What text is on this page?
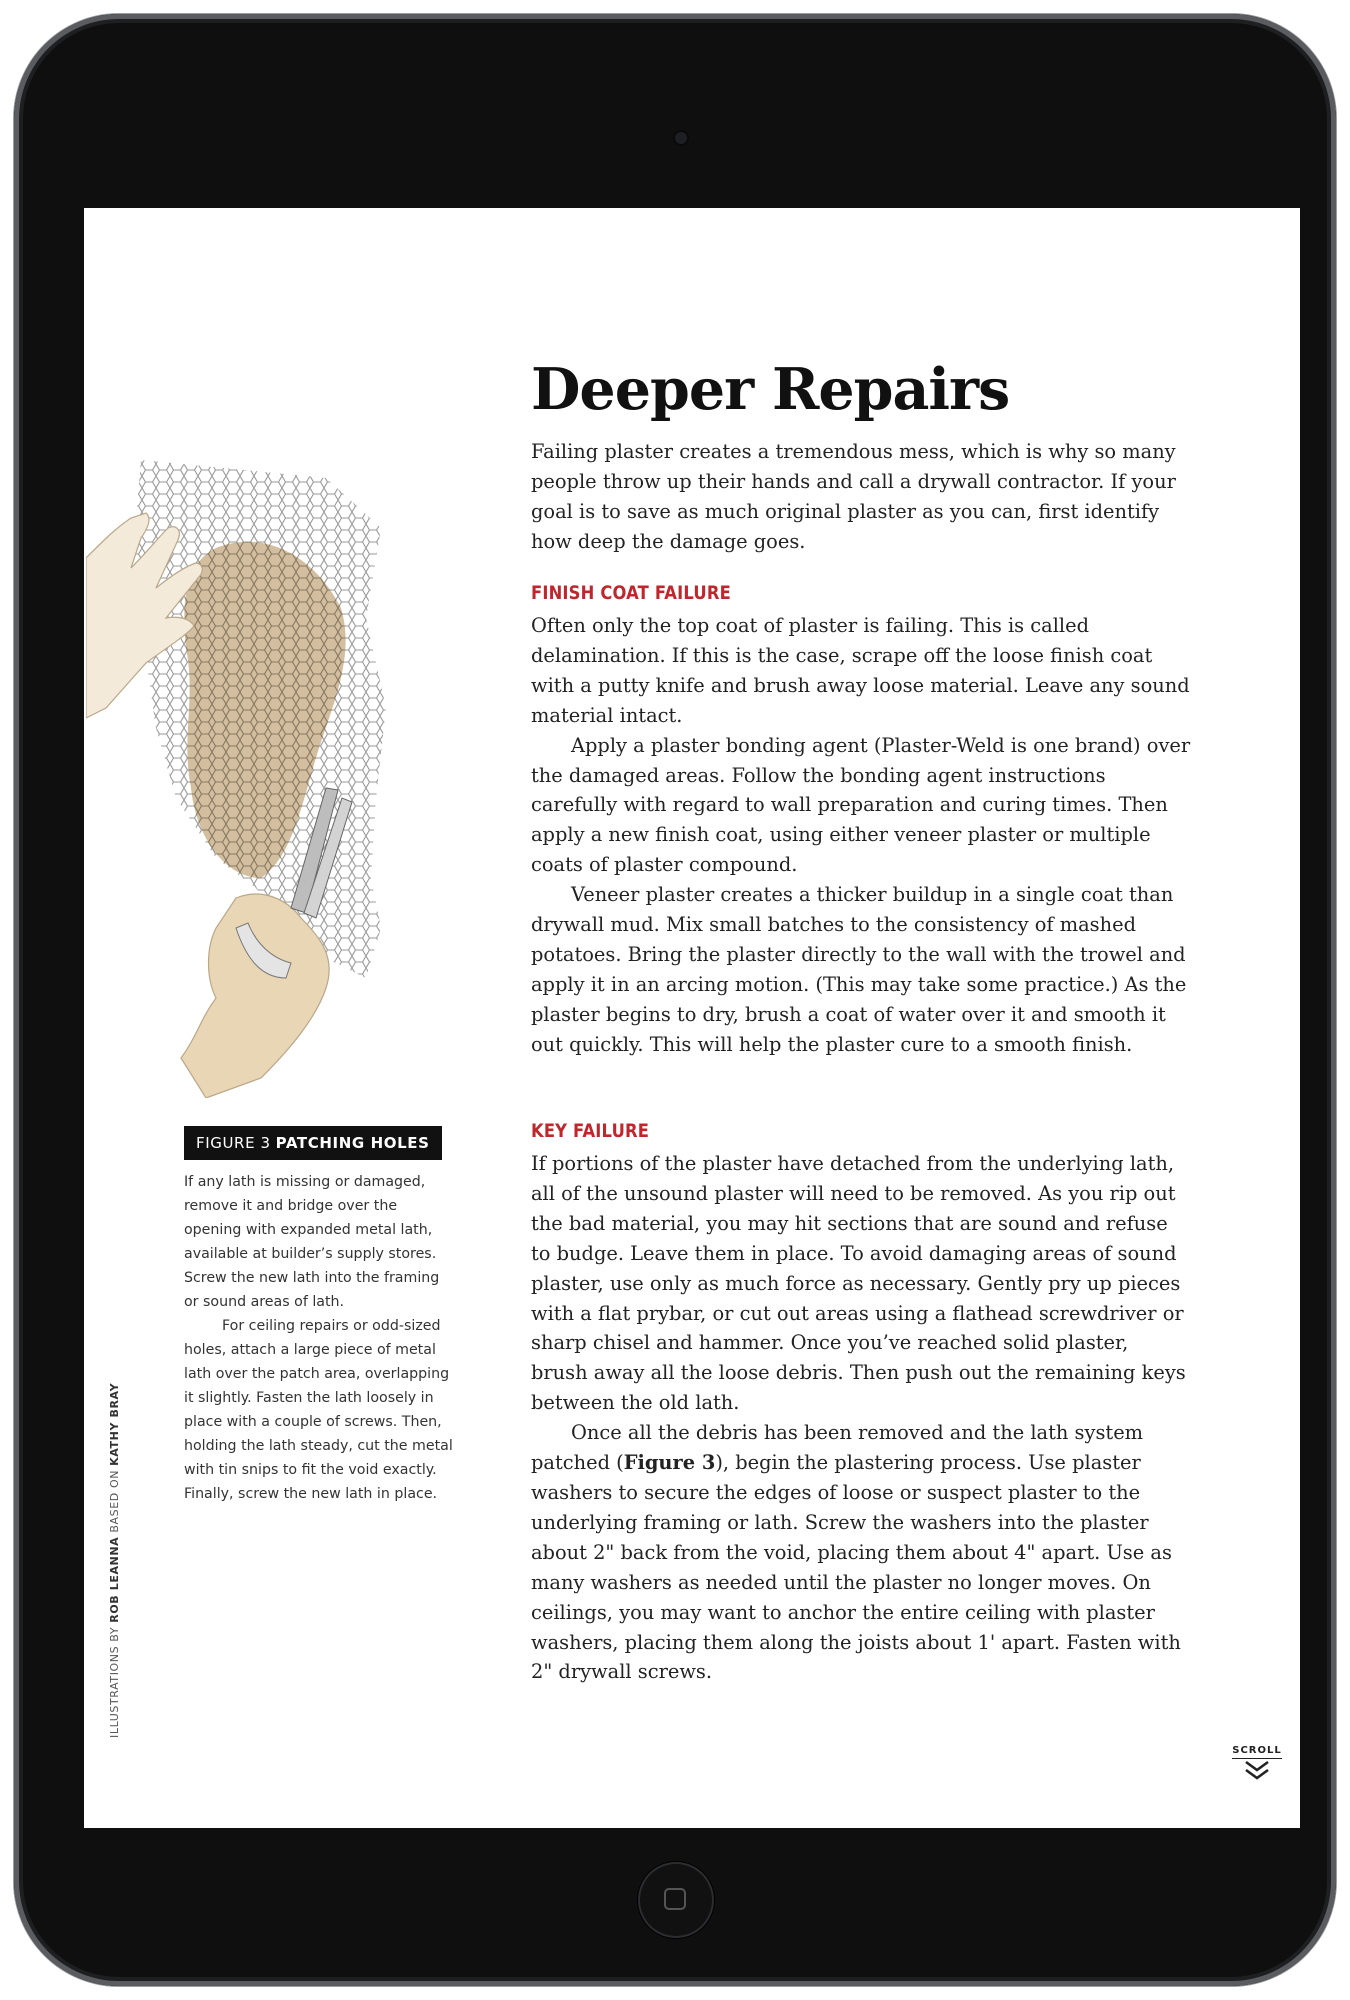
FIGURE 3 PATCHING HOLES

If any lath is missing or damaged, remove it and bridge over the opening with expanded metal lath, available at builder’s supply stores. Screw the new lath into the framing or sound areas of lath.

For ceiling repairs or odd-sized holes, attach a large piece of metal lath over the patch area, overlapping it slightly. Fasten the lath loosely in place with a couple of screws. Then, holding the lath steady, cut the metal with tin snips to fit the void exactly. Finally, screw the new lath in place.

ILLUSTRATIONS BY ROB LEANNA BASED ON KATHY BRAY
Deeper Repairs

Failing plaster creates a tremendous mess, which is why so many people throw up their hands and call a drywall contractor. If your goal is to save as much original plaster as you can, first identify how deep the damage goes.

FINISH COAT FAILURE

Often only the top coat of plaster is failing. This is called delamination. If this is the case, scrape off the loose finish coat with a putty knife and brush away loose material. Leave any sound material intact.

Apply a plaster bonding agent (Plaster-Weld is one brand) over the damaged areas. Follow the bonding agent instructions carefully with regard to wall preparation and curing times. Then apply a new finish coat, using either veneer plaster or multiple coats of plaster compound.

Veneer plaster creates a thicker buildup in a single coat than drywall mud. Mix small batches to the consistency of mashed potatoes. Bring the plaster directly to the wall with the trowel and apply it in an arcing motion. (This may take some practice.) As the plaster begins to dry, brush a coat of water over it and smooth it out quickly. This will help the plaster cure to a smooth finish.

KEY FAILURE

If portions of the plaster have detached from the underlying lath, all of the unsound plaster will need to be removed. As you rip out the bad material, you may hit sections that are sound and refuse to budge. Leave them in place. To avoid damaging areas of sound plaster, use only as much force as necessary. Gently pry up pieces with a flat prybar, or cut out areas using a flathead screwdriver or sharp chisel and hammer. Once you’ve reached solid plaster, brush away all the loose debris. Then push out the remaining keys between the old lath.

Once all the debris has been removed and the lath system patched (Figure 3), begin the plastering process. Use plaster washers to secure the edges of loose or suspect plaster to the underlying framing or lath. Screw the washers into the plaster about 2" back from the void, placing them about 4" apart. Use as many washers as needed until the plaster no longer moves. On ceilings, you may want to anchor the entire ceiling with plaster washers, placing them along the joists about 1' apart. Fasten with 2" drywall screws.

SCROLL
